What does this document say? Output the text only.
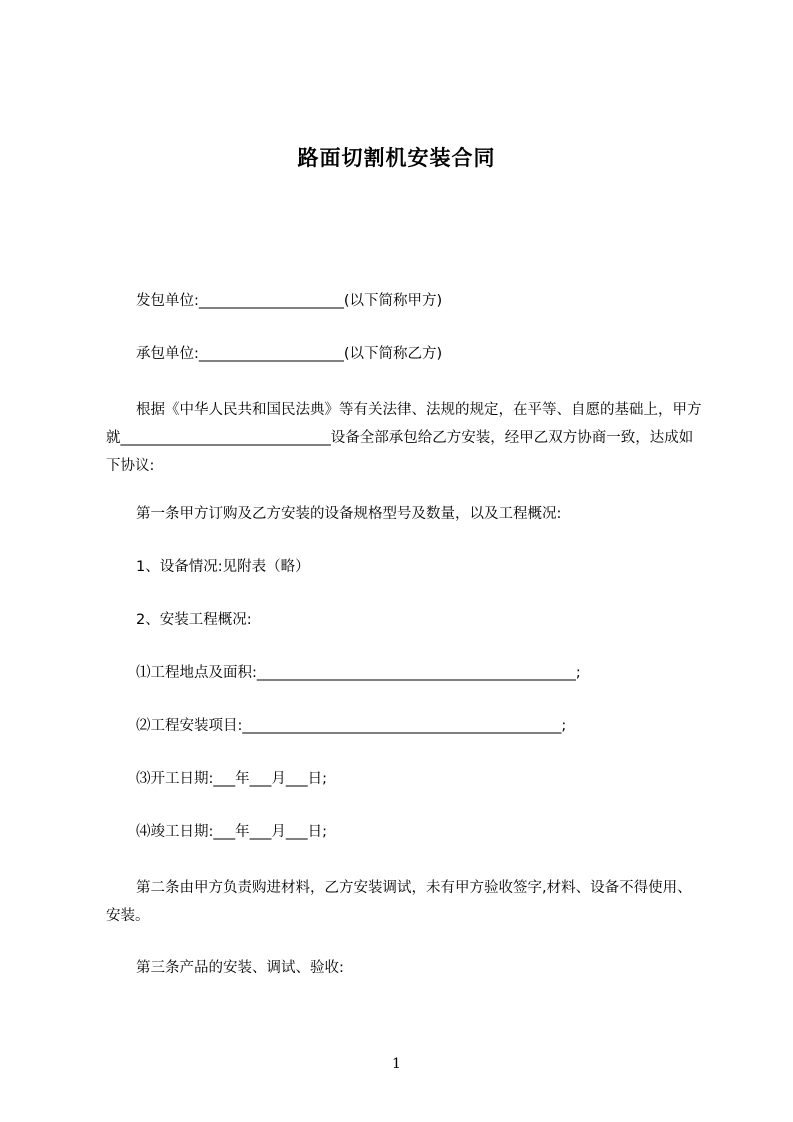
路面切割机安装合同
发包单位:____________________(以下简称甲方)
承包单位:____________________(以下简称乙方)
根据《中华人民共和国民法典》等有关法律、法规的规定，在平等、自愿的基础上，甲方就_____________________________设备全部承包给乙方安装，经甲乙双方协商一致，达成如下协议:
第一条甲方订购及乙方安装的设备规格型号及数量，以及工程概况:
1、设备情况:见附表（略）
2、安装工程概况:
⑴工程地点及面积:____________________________________________;
⑵工程安装项目:____________________________________________;
⑶开工日期:___年___月___日;
⑷竣工日期:___年___月___日;
第二条由甲方负责购进材料，乙方安装调试，未有甲方验收签字,材料、设备不得使用、安装。
第三条产品的安装、调试、验收:
1
